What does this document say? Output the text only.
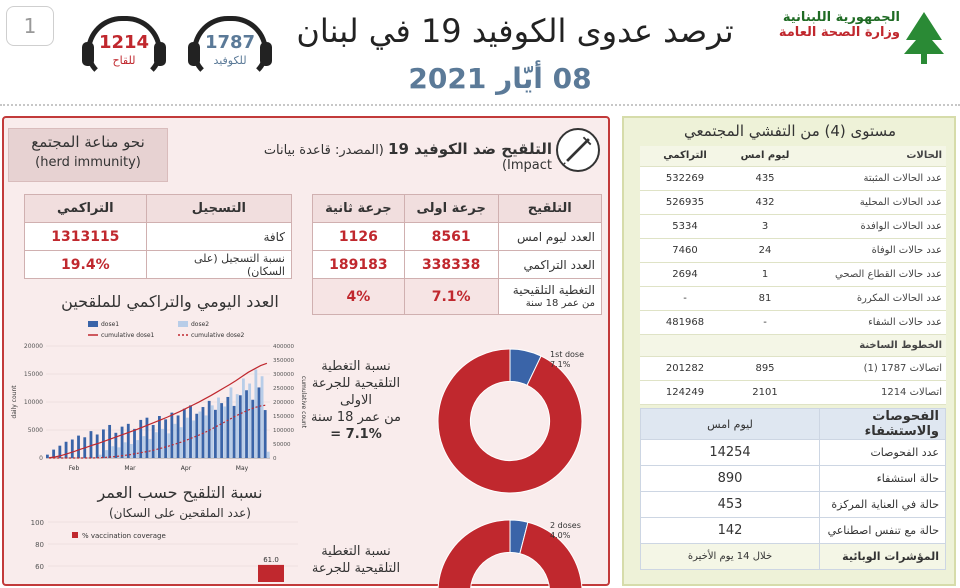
1
1214
للقاح
1787
للكوفيد
ترصد عدوى الكوفيد 19 في لبنان
08 أيّار 2021
الجمهورية اللبنانية
وزارة الصحة العامة
نحو مناعة المجتمع
(herd immunity)
التلقيح ضد الكوفيد 19 (المصدر: قاعدة بيانات Impact)
التلقيح	جرعة اولى	جرعة ثانية
العدد ليوم امس	8561	1126
العدد التراكمي	338338	189183

التغطية التلقيحية
من عمر 18 سنة	7.1%	4%
التسجيل	التراكمي
كافة	1313115
نسبة التسجيل (على السكان)	19.4%
العدد اليومي والتراكمي للملقحين
dose1	dose2
cumulative dose1	cumulative dose2
0
5000
10000
15000
20000
0
50000
100000
150000
200000
250000
300000
350000
400000
daily count	cumulative count
Feb	Mar	Apr	May
نسبة التغطية
التلقيحية للجرعة
الاولى
من عمر 18 سنة
7.1% =
1st dose
7.1%
نسبة التلقيح حسب العمر
(عدد الملقحين على السكان)
100
80
60
% vaccination coverage
61.0
نسبة التغطية
التلقيحية للجرعة
2 doses
4.0%
مستوى (4) من التفشي المجتمعي
الحالات	ليوم امس	التراكمي
عدد الحالات المثبتة	435	532269
عدد الحالات المحلية	432	526935
عدد الحالات الوافدة	3	5334
عدد حالات الوفاة	24	7460
عدد حالات القطاع الصحي	1	2694
عدد الحالات المكررة	81	-
عدد حالات الشفاء	-	481968
الخطوط الساخنة		
اتصالات 1787 (1)	895	201282
اتصالات 1214	2101	124249
الفحوصات والاستشفاء	ليوم امس
عدد الفحوصات	14254
حالة استشفاء	890
حالة في العناية المركزة	453
حالة مع تنفس اصطناعي	142
المؤشرات الوبائية	خلال 14 يوم الأخيرة
